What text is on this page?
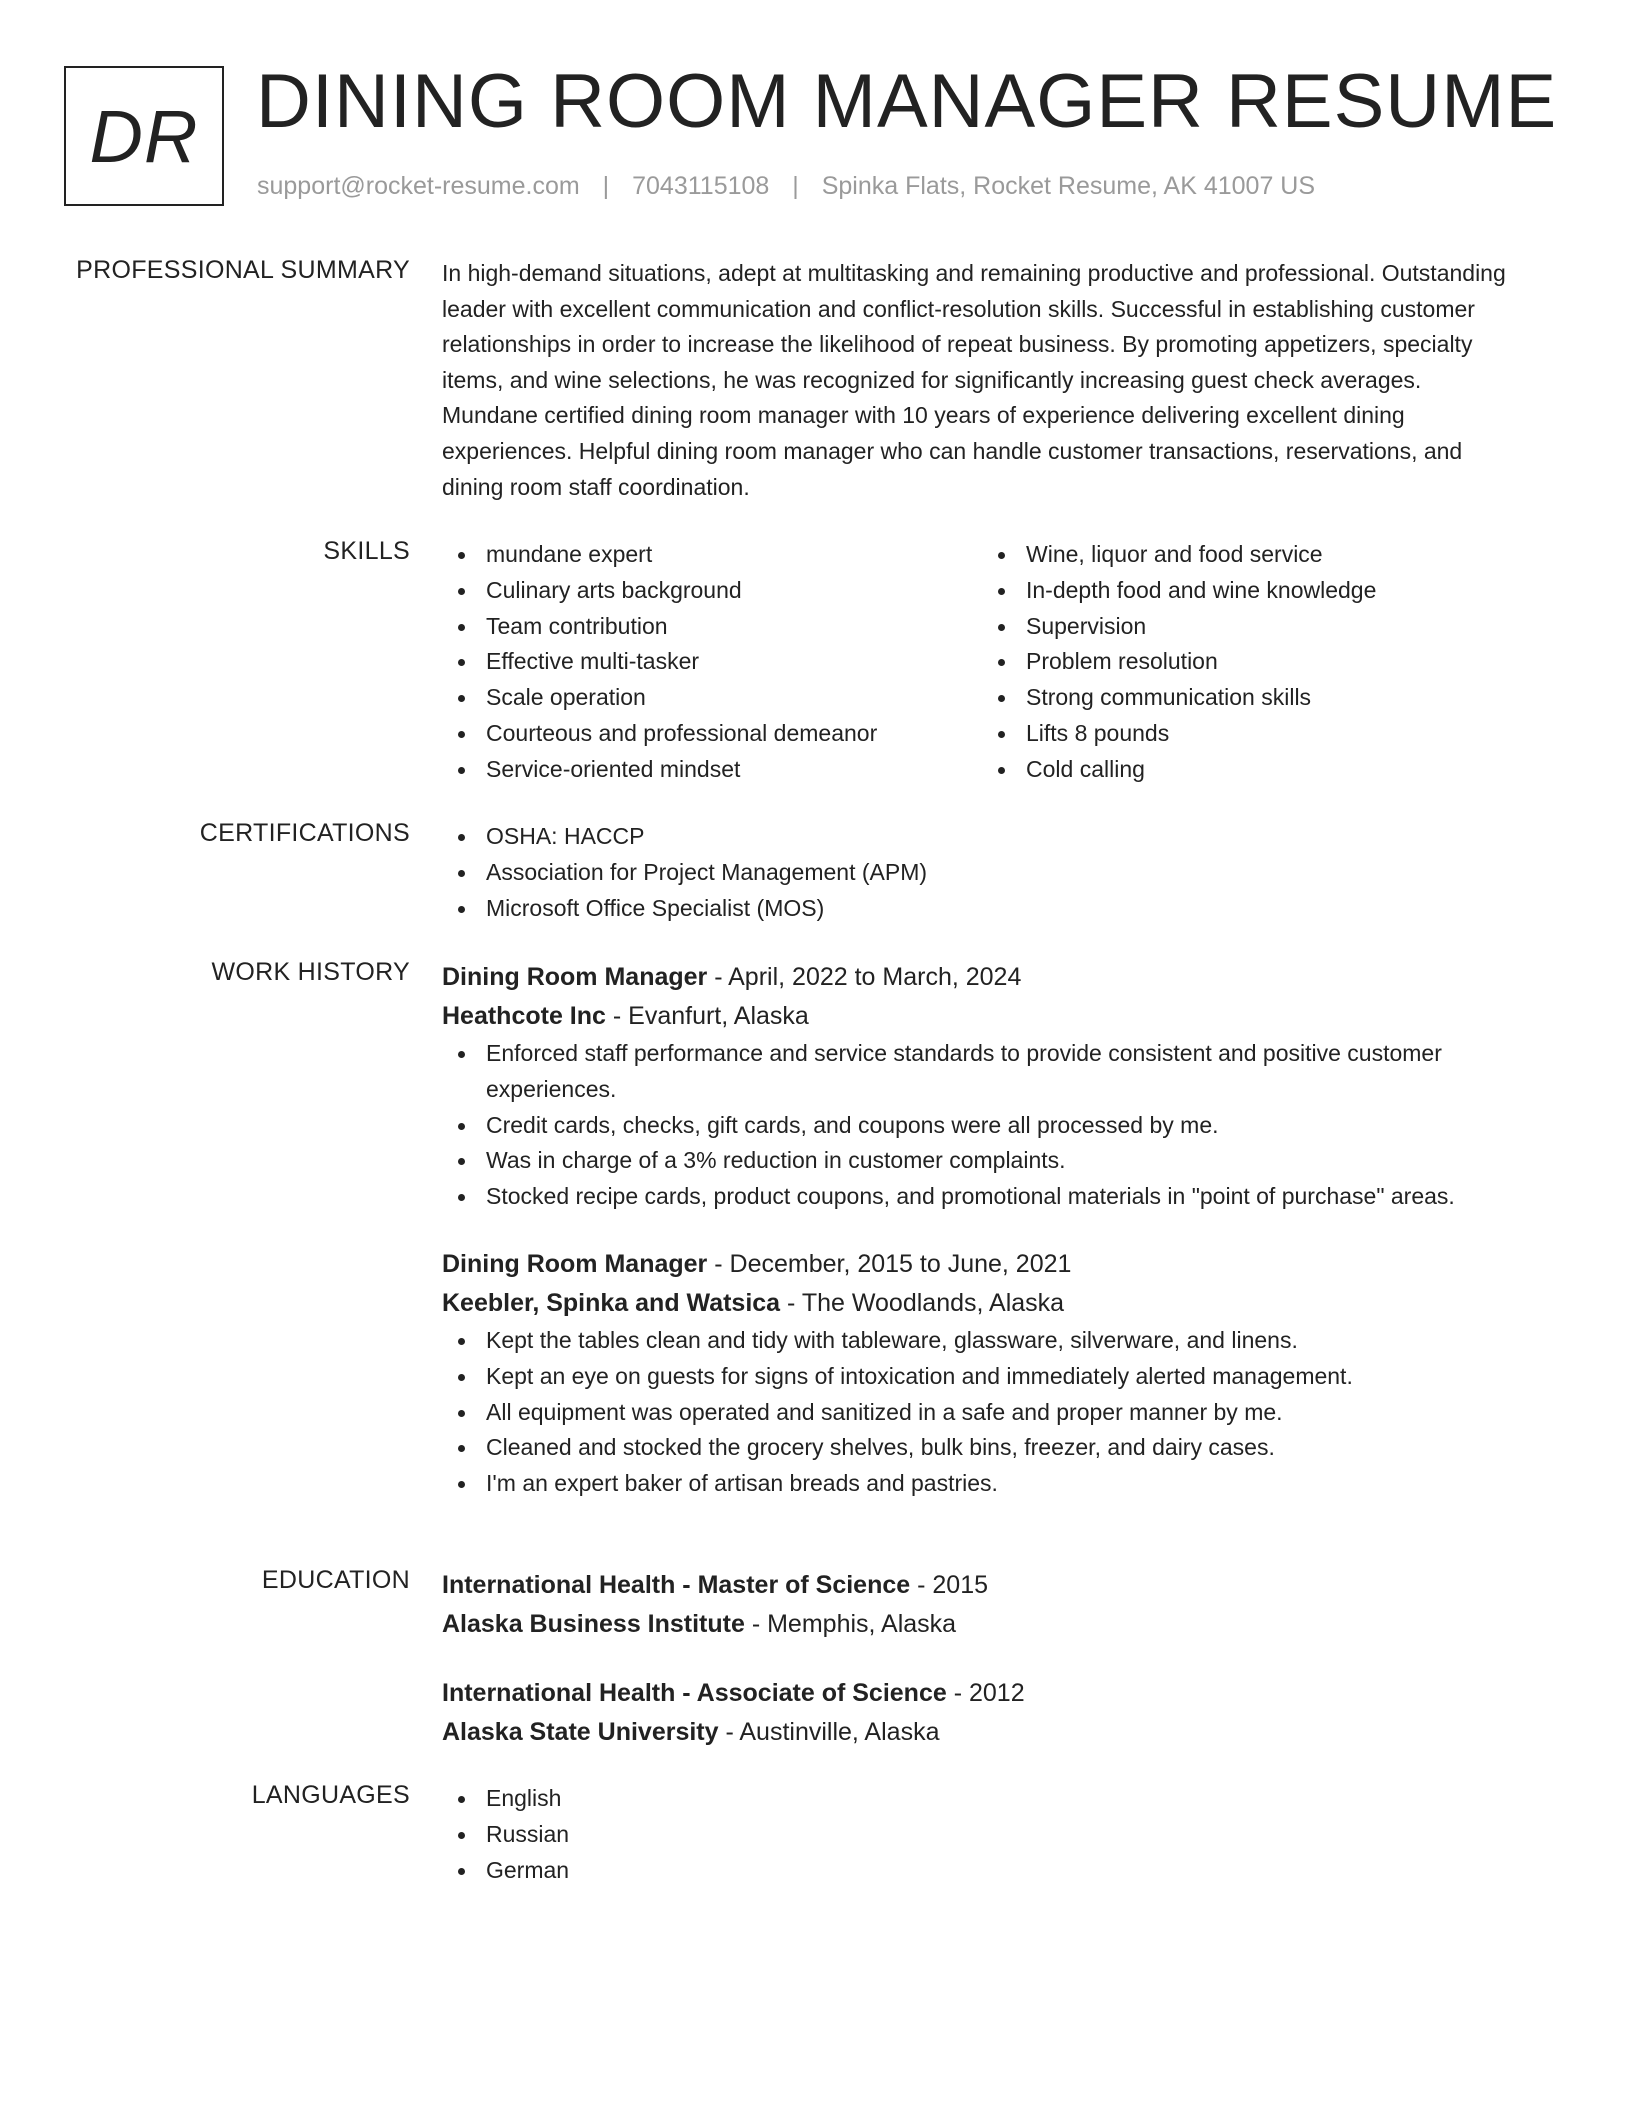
DR DINING ROOM MANAGER RESUME
support@rocket-resume.com | 7043115108 | Spinka Flats, Rocket Resume, AK 41007 US
PROFESSIONAL SUMMARY In high-demand situations, adept at multitasking and remaining productive and professional. Outstanding leader with excellent communication and conflict-resolution skills. Successful in establishing customer relationships in order to increase the likelihood of repeat business. By promoting appetizers, specialty items, and wine selections, he was recognized for significantly increasing guest check averages. Mundane certified dining room manager with 10 years of experience delivering excellent dining experiences. Helpful dining room manager who can handle customer transactions, reservations, and dining room staff coordination.

SKILLS	mundane expert
Culinary arts background
Team contribution
Effective multi-tasker
Scale operation
Courteous and professional demeanor
Service-oriented mindset
Wine, liquor and food service
In-depth food and wine knowledge
Supervision
Problem resolution
Strong communication skills
Lifts 8 pounds
Cold calling
CERTIFICATIONS	OSHA: HACCP
Association for Project Management (APM)
Microsoft Office Specialist (MOS)
WORK HISTORY Dining Room Manager - April, 2022 to March, 2024
Heathcote Inc - Evanfurt, Alaska
Enforced staff performance and service standards to provide consistent and positive customer experiences.
Credit cards, checks, gift cards, and coupons were all processed by me.
Was in charge of a 3% reduction in customer complaints.
Stocked recipe cards, product coupons, and promotional materials in "point of purchase" areas.
Dining Room Manager - December, 2015 to June, 2021
Keebler, Spinka and Watsica - The Woodlands, Alaska
Kept the tables clean and tidy with tableware, glassware, silverware, and linens.
Kept an eye on guests for signs of intoxication and immediately alerted management.
All equipment was operated and sanitized in a safe and proper manner by me.
Cleaned and stocked the grocery shelves, bulk bins, freezer, and dairy cases.
I'm an expert baker of artisan breads and pastries.
EDUCATION International Health - Master of Science - 2015
Alaska Business Institute - Memphis, Alaska
International Health - Associate of Science - 2012
Alaska State University - Austinville, Alaska
LANGUAGES	English
Russian
German
